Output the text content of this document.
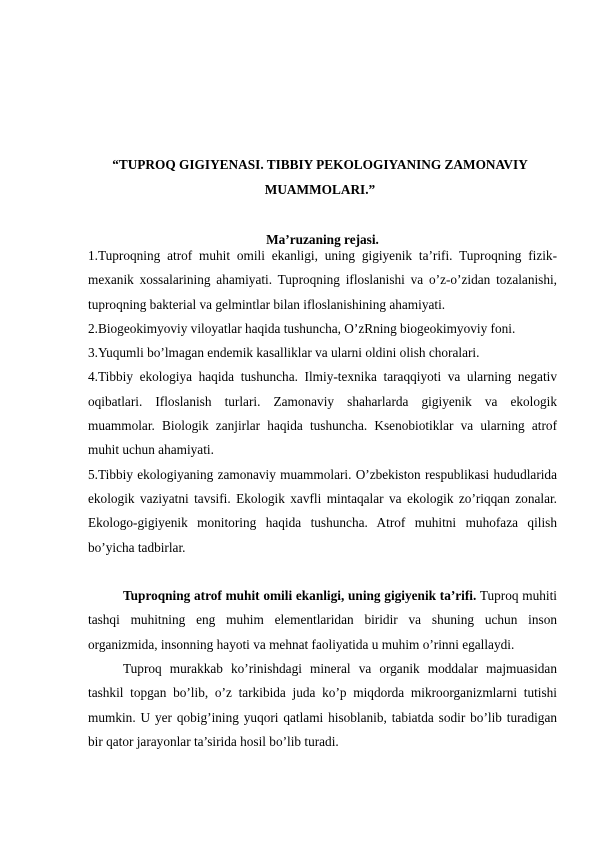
“TUPROQ GIGIYENASI. TIBBIY PEKOLOGIYANING ZAMONAVIY MUAMMOLARI.”
Ma’ruzaning rejasi.

1.Tuproqning atrof muhit omili ekanligi, uning gigiyenik ta’rifi. Tuproqning fizik-mexanik xossalarining ahamiyati. Tuproqning ifloslanishi va o’z-o’zidan tozalanishi, tuproqning bakterial va gelmintlar bilan ifloslanishining ahamiyati.

2.Biogeokimyoviy viloyatlar haqida tushuncha, O’zRning biogeokimyoviy foni.

3.Yuqumli bo’lmagan endemik kasalliklar va ularni oldini olish choralari.

4.Tibbiy ekologiya haqida tushuncha. Ilmiy-texnika taraqqiyoti va ularning negativ oqibatlari. Ifloslanish turlari. Zamonaviy shaharlarda gigiyenik va ekologik muammolar. Biologik zanjirlar haqida tushuncha. Ksenobiotiklar va ularning atrof muhit uchun ahamiyati.

5.Tibbiy ekologiyaning zamonaviy muammolari. O’zbekiston respublikasi hududlarida ekologik vaziyatni tavsifi. Ekologik xavfli mintaqalar va ekologik zo’riqqan zonalar. Ekologo-gigiyenik monitoring haqida tushuncha. Atrof muhitni muhofaza qilish bo’yicha tadbirlar.

Tuproqning atrof muhit omili ekanligi, uning gigiyenik ta’rifi. Tuproq muhiti tashqi muhitning eng muhim elementlaridan biridir va shuning uchun inson organizmida, insonning hayoti va mehnat faoliyatida u muhim o’rinni egallaydi.

Tuproq murakkab ko’rinishdagi mineral va organik moddalar majmuasidan tashkil topgan bo’lib, o’z tarkibida juda ko’p miqdorda mikroorganizmlarni tutishi mumkin. U yer qobig’ining yuqori qatlami hisoblanib, tabiatda sodir bo’lib turadigan bir qator jarayonlar ta’sirida hosil bo’lib turadi.
